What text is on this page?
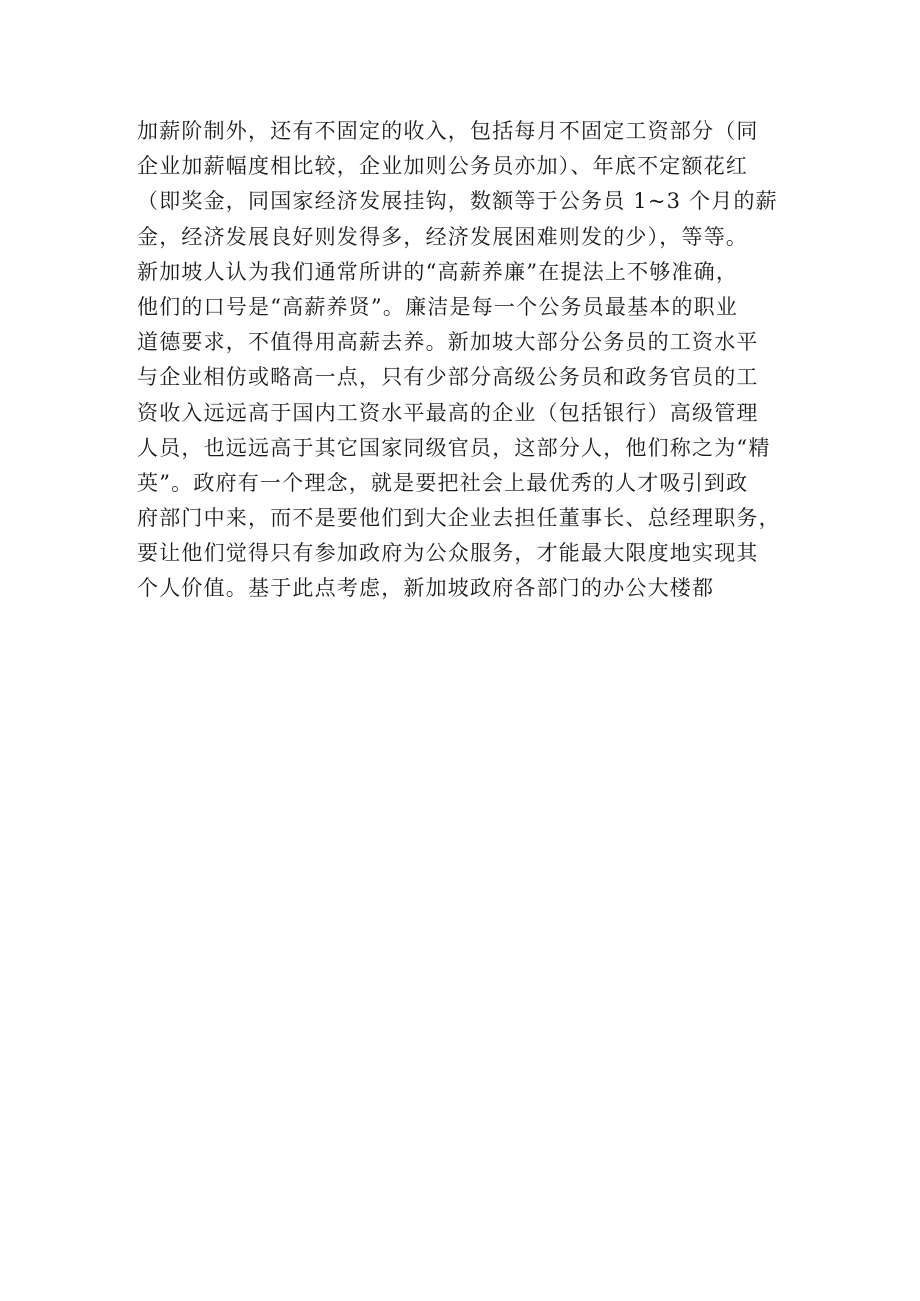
加薪阶制外，还有不固定的收入，包括每月不固定工资部分（同
企业加薪幅度相比较，企业加则公务员亦加）、年底不定额花红
（即奖金，同国家经济发展挂钩，数额等于公务员 1~3 个月的薪
金，经济发展良好则发得多，经济发展困难则发的少），等等。
新加坡人认为我们通常所讲的“高薪养廉”在提法上不够准确，
他们的口号是“高薪养贤”。廉洁是每一个公务员最基本的职业
道德要求，不值得用高薪去养。新加坡大部分公务员的工资水平
与企业相仿或略高一点，只有少部分高级公务员和政务官员的工
资收入远远高于国内工资水平最高的企业（包括银行）高级管理
人员，也远远高于其它国家同级官员，这部分人，他们称之为“精
英”。政府有一个理念，就是要把社会上最优秀的人才吸引到政
府部门中来，而不是要他们到大企业去担任董事长、总经理职务，
要让他们觉得只有参加政府为公众服务，才能最大限度地实现其
个人价值。基于此点考虑，新加坡政府各部门的办公大楼都
